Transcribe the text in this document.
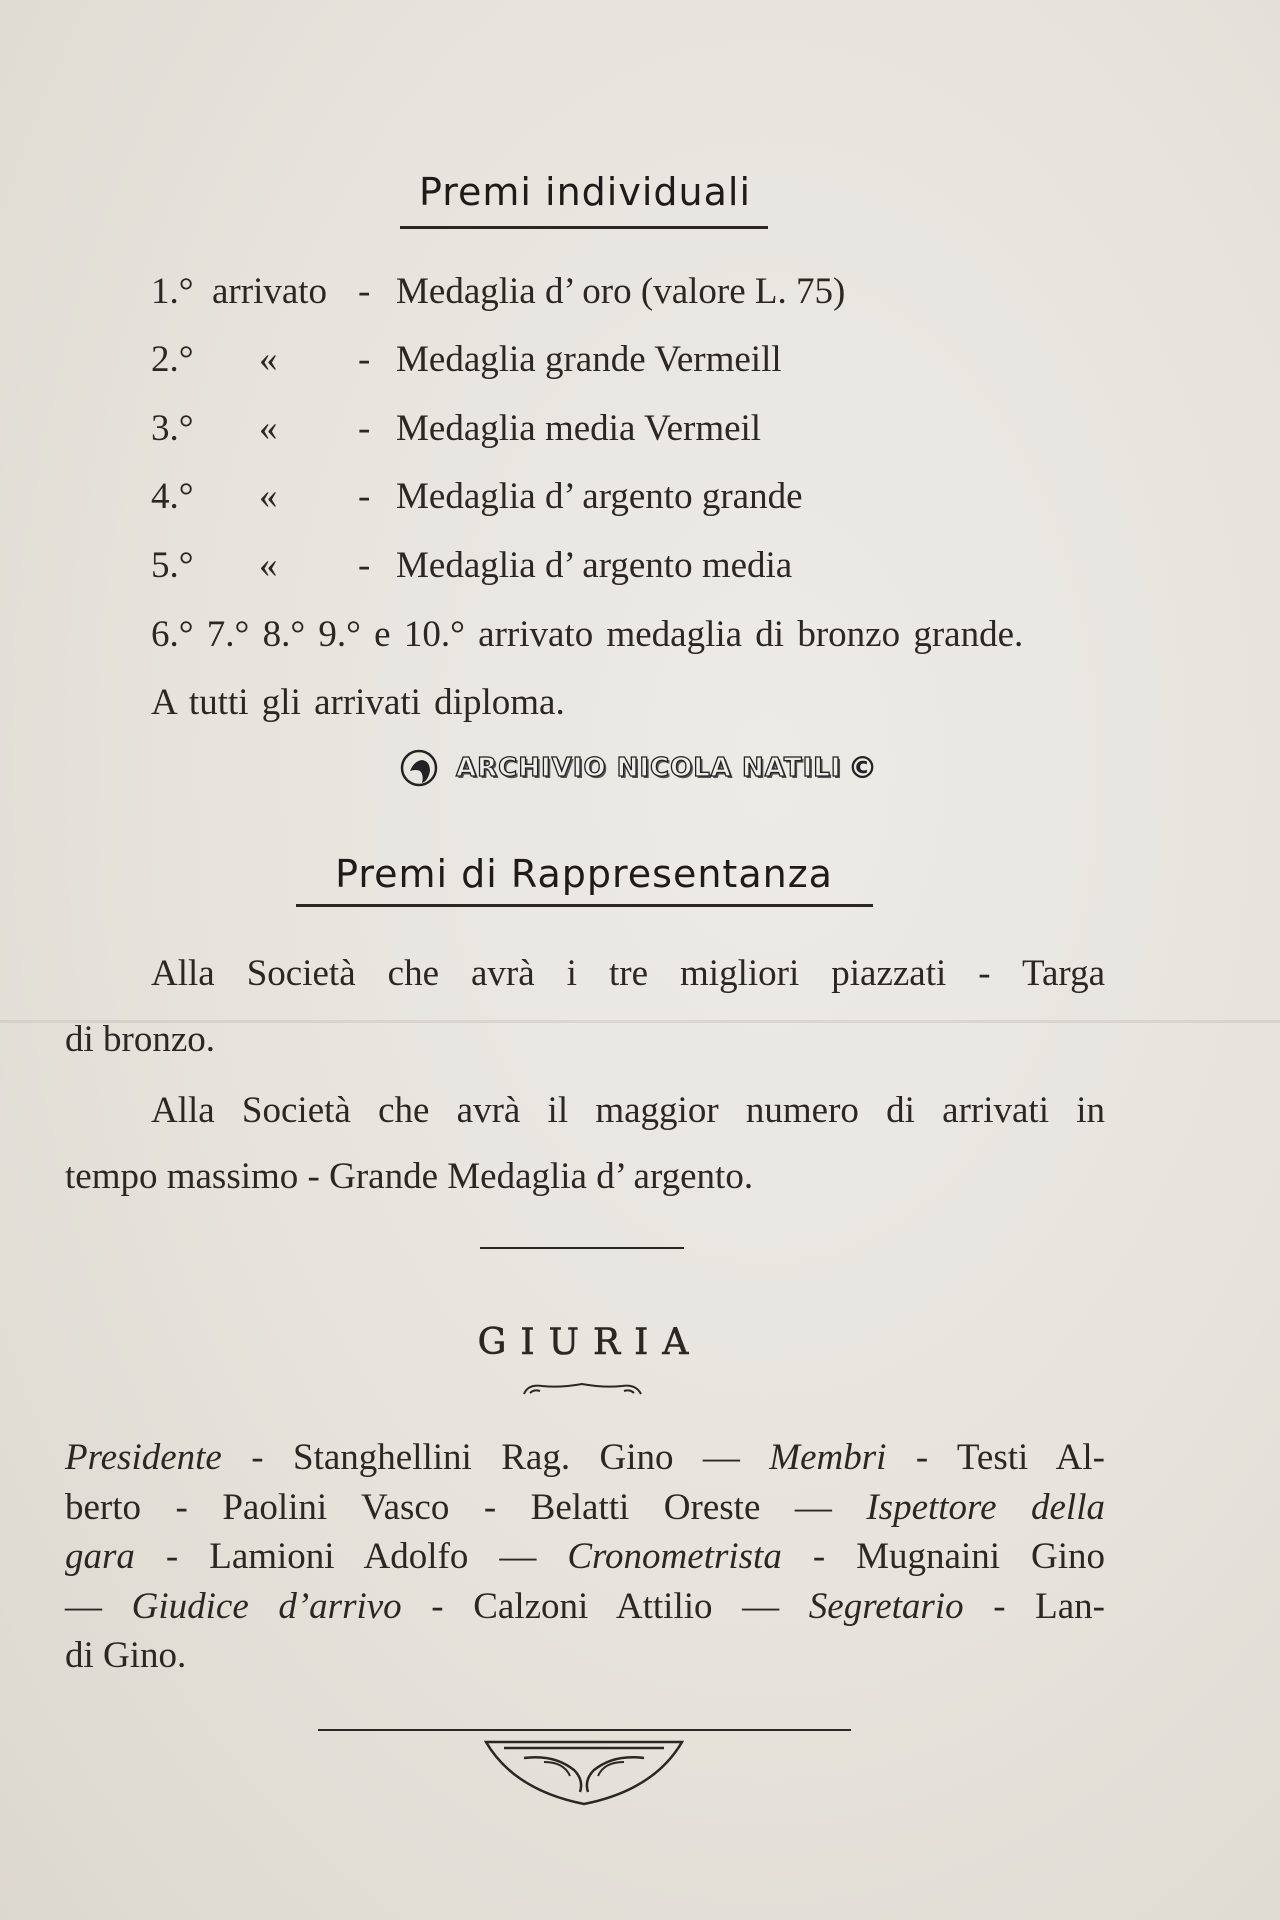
Premi individuali
1.° arrivato - Medaglia d’ oro (valore L. 75)
2.° « - Medaglia grande Vermeill
3.° « - Medaglia media Vermeil
4.° « - Medaglia d’ argento grande
5.° « - Medaglia d’ argento media
6.° 7.° 8.° 9.° e 10.° arrivato medaglia di bronzo grande.
A tutti gli arrivati diploma.
ARCHIVIO NICOLA NATILI ©
Premi di Rappresentanza
Alla Società che avrà i tre migliori piazzati - Targa
di bronzo.
Alla Società che avrà il maggior numero di arrivati in
tempo massimo - Grande Medaglia d’ argento.
GIURIA
Presidente - Stanghellini Rag. Gino — Membri - Testi Al-
berto - Paolini Vasco - Belatti Oreste — Ispettore della
gara - Lamioni Adolfo — Cronometrista - Mugnaini Gino
— Giudice d’arrivo - Calzoni Attilio — Segretario - Lan-
di Gino.
